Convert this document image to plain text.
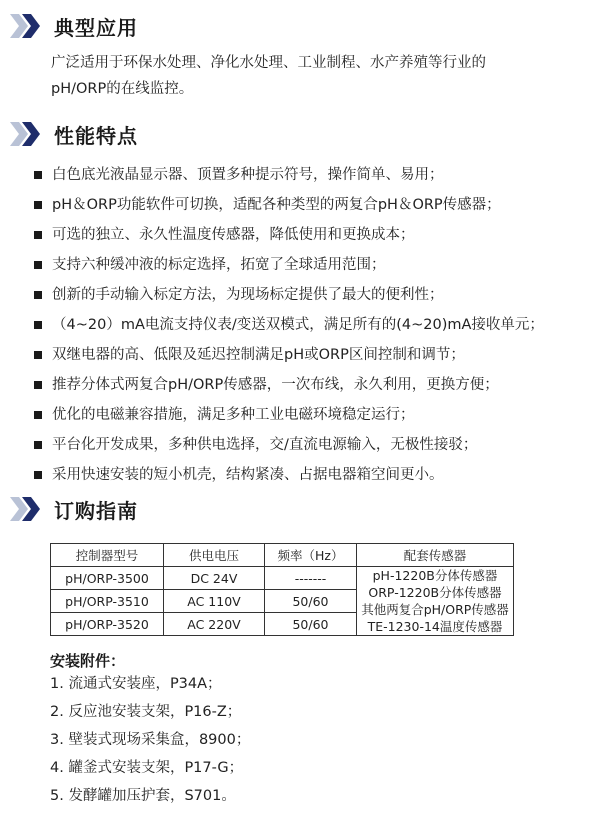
典型应用
广泛适用于环保水处理、净化水处理、工业制程、水产养殖等行业的
pH/ORP的在线监控。
性能特点
白色底光液晶显示器、顶置多种提示符号，操作简单、易用；
pH＆ORP功能软件可切换，适配各种类型的两复合pH＆ORP传感器；
可选的独立、永久性温度传感器，降低使用和更换成本；
支持六种缓冲液的标定选择，拓宽了全球适用范围；
创新的手动输入标定方法，为现场标定提供了最大的便利性；
（4~20）mA电流支持仪表/变送双模式，满足所有的(4~20)mA接收单元；
双继电器的高、低限及延迟控制满足pH或ORP区间控制和调节；
推荐分体式两复合pH/ORP传感器，一次布线，永久利用，更换方便；
优化的电磁兼容措施，满足多种工业电磁环境稳定运行；
平台化开发成果，多种供电选择，交/直流电源输入，无极性接驳；
采用快速安装的短小机壳，结构紧凑、占据电器箱空间更小。
订购指南
控制器型号	供电电压	频率（Hz）	配套传感器
pH/ORP-3500	DC 24V	-------	pH-1220B分体传感器
ORP-1220B分体传感器
其他两复合pH/ORP传感器
TE-1230-14温度传感器

pH/ORP-3510	AC 110V	50/60	
pH/ORP-3520	AC 220V	50/60	
安装附件：
1. 流通式安装座，P34A；
2. 反应池安装支架，P16-Z；
3. 壁装式现场采集盒，8900；
4. 罐釜式安装支架，P17-G；
5. 发酵罐加压护套，S701。
